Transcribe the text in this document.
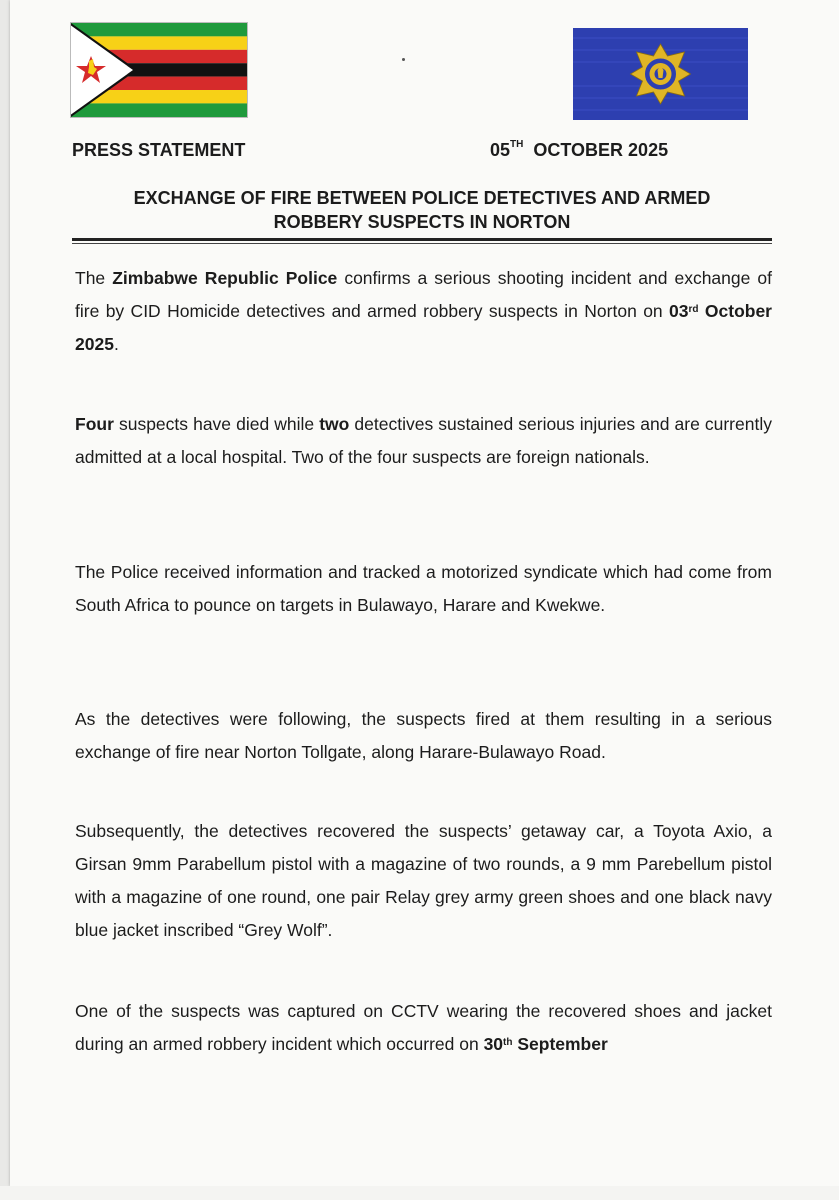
PRESS STATEMENT	05TH OCTOBER 2025
EXCHANGE OF FIRE BETWEEN POLICE DETECTIVES AND ARMED
ROBBERY SUSPECTS IN NORTON

The Zimbabwe Republic Police confirms a serious shooting incident and exchange of fire by CID Homicide detectives and armed robbery suspects in Norton on 03rd October 2025.

Four suspects have died while two detectives sustained serious injuries and are currently admitted at a local hospital. Two of the four suspects are foreign nationals.

The Police received information and tracked a motorized syndicate which had come from South Africa to pounce on targets in Bulawayo, Harare and Kwekwe.

As the detectives were following, the suspects fired at them resulting in a serious exchange of fire near Norton Tollgate, along Harare-Bulawayo Road.

Subsequently, the detectives recovered the suspects’ getaway car, a Toyota Axio, a Girsan 9mm Parabellum pistol with a magazine of two rounds, a 9 mm Parebellum pistol with a magazine of one round, one pair Relay grey army green shoes and one black navy blue jacket inscribed “Grey Wolf”.

One of the suspects was captured on CCTV wearing the recovered shoes and jacket during an armed robbery incident which occurred on 30th September
